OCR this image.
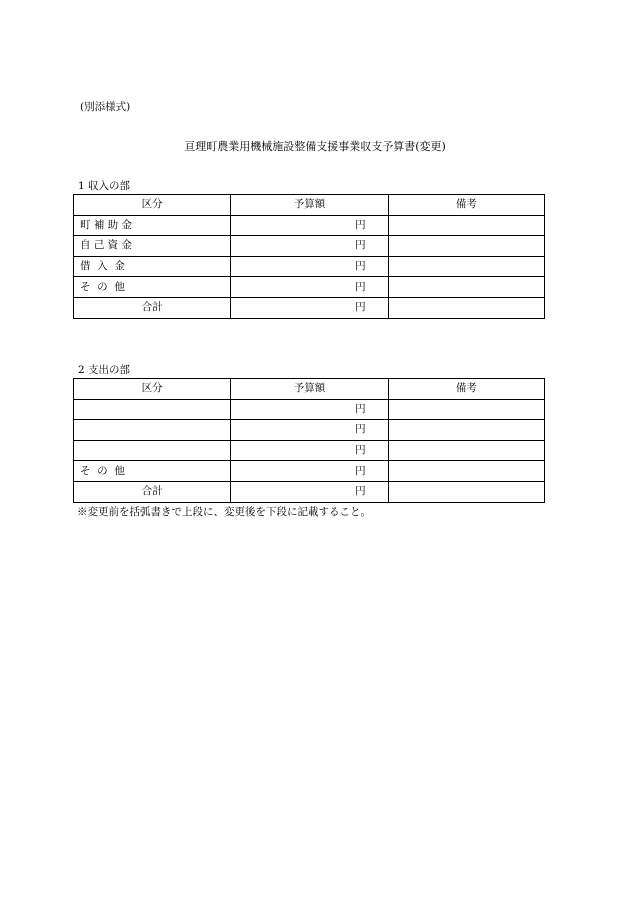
(別添様式)
亘理町農業用機械施設整備支援事業収支予算書(変更)
1 収入の部
区分	予算額	備考
町 補 助 金	円	
自 己 資 金	円	
借  入  金	円	
そ  の  他	円	
合計	円	
2 支出の部
区分	予算額	備考
	円	
	円	
	円	
そ  の  他	円	
合計	円	
※変更前を括弧書きで上段に、変更後を下段に記載すること。
